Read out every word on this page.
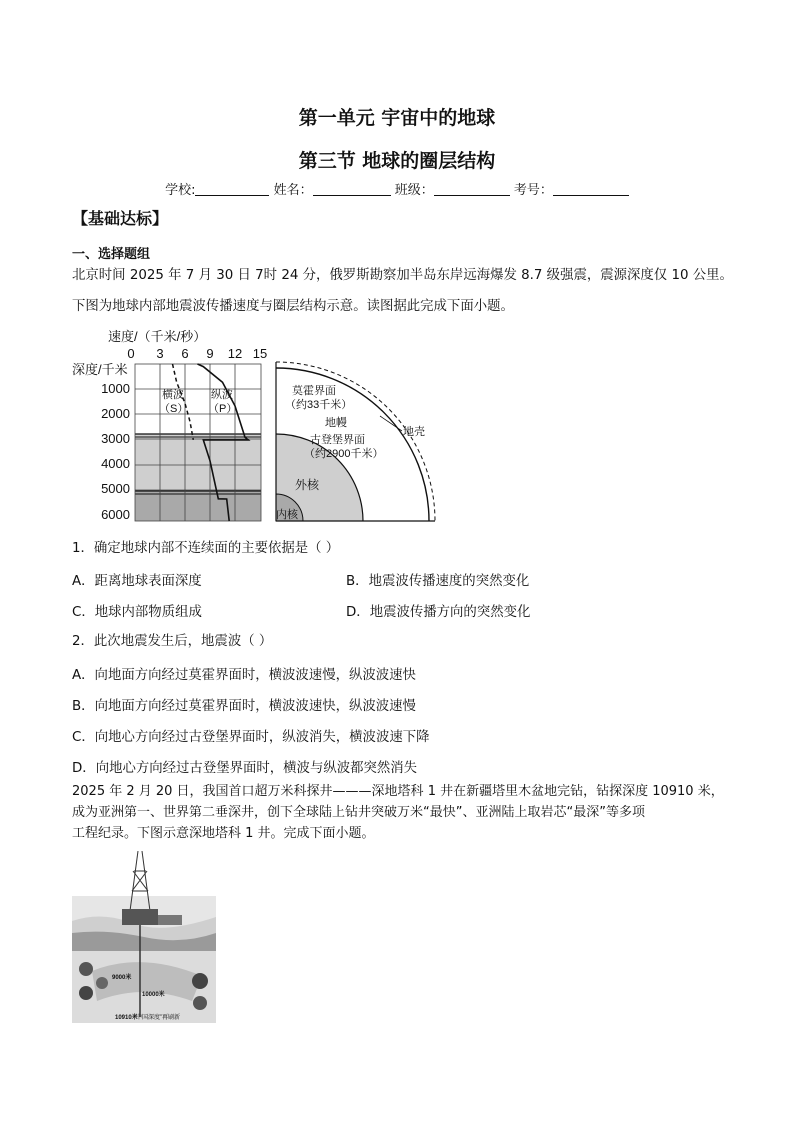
第一单元 宇宙中的地球
第三节 地球的圈层结构
学校:	姓名：	班级：	考号：
【基础达标】
一、选择题组
北京时间 2025 年 7 月 30 日 7时 24 分，俄罗斯勘察加半岛东岸远海爆发 8.7 级强震，震源深度仅 10 公里。
下图为地球内部地震波传播速度与圈层结构示意。读图据此完成下面小题。
速度/（千米/秒）
0 3 6 9 12 15
深度/千米
1000
2000
3000
4000
5000
6000
横波
（S）
纵波
（P）
莫霍界面
（约33千米）
地幔
地壳
古登堡界面
（约2900千米）
外核
内核
1．确定地球内部不连续面的主要依据是（ ）
A．距离地球表面深度	B．地震波传播速度的突然变化
C．地球内部物质组成	D．地震波传播方向的突然变化
2．此次地震发生后，地震波（ ）
A．向地面方向经过莫霍界面时，横波波速慢，纵波波速快
B．向地面方向经过莫霍界面时，横波波速快，纵波波速慢
C．向地心方向经过古登堡界面时，纵波消失，横波波速下降
D．向地心方向经过古登堡界面时，横波与纵波都突然消失
2025 年 2 月 20 日，我国首口超万米科探井———深地塔科 1 井在新疆塔里木盆地完钻，钻探深度 10910 米，
成为亚洲第一、世界第二垂深井，创下全球陆上钻井突破万米“最快”、亚洲陆上取岩芯“最深”等多项
工程纪录。下图示意深地塔科 1 井。完成下面小题。
9000米
10000米
10910米
“中国深度”再刷新
